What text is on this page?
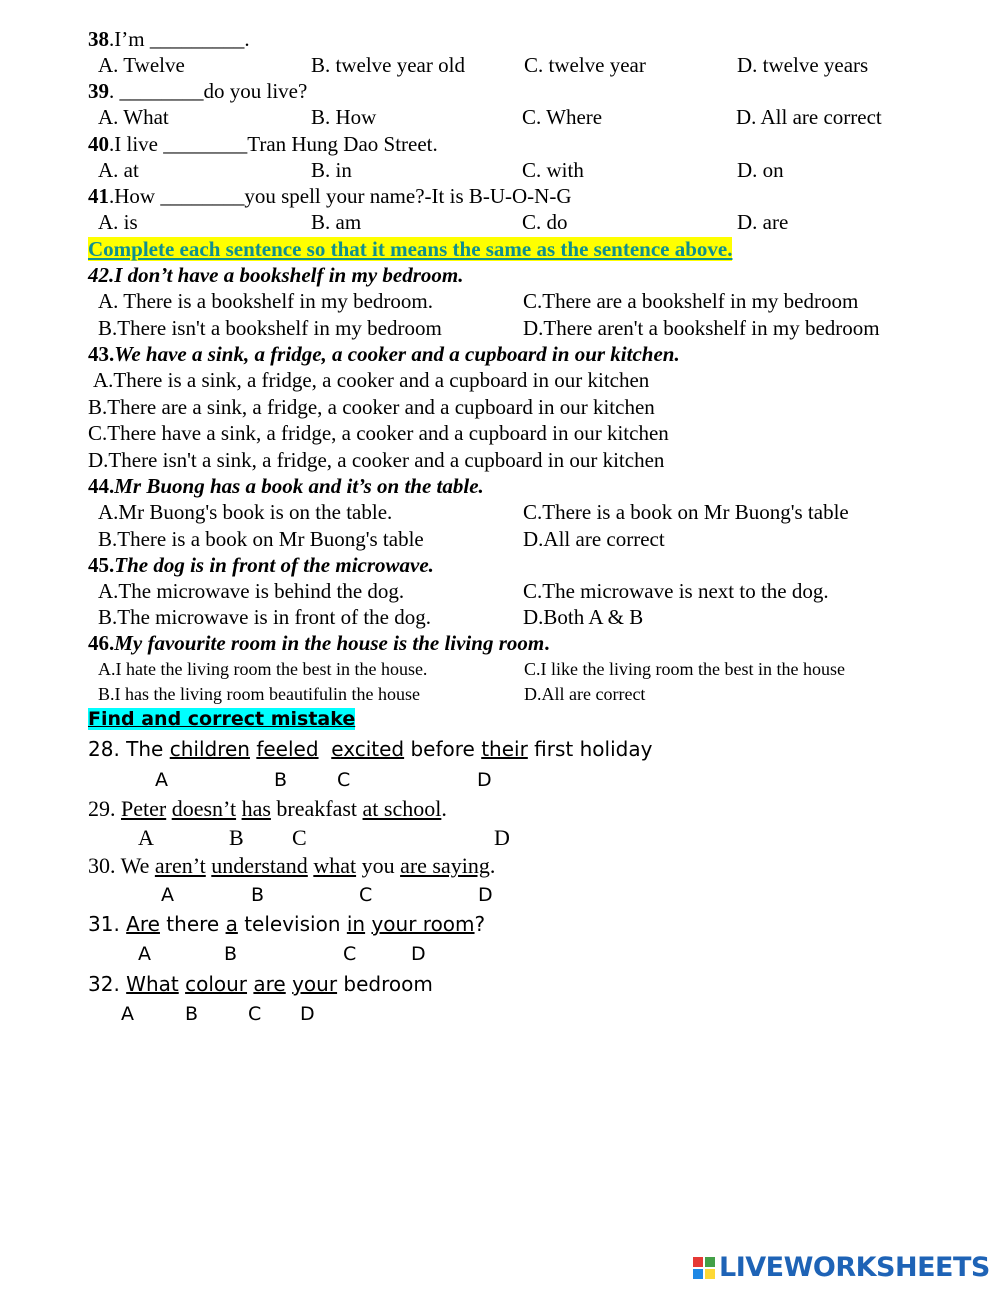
38.I’m _________.
A. Twelve	B. twelve year old	C. twelve year	D. twelve years
39. ________do you live?
A. What	B. How	C. Where	D. All are correct
40.I live ________Tran Hung Dao Street.
A. at	B. in	C. with	D. on
41.How ________you spell your name?-It is B-U-O-N-G
A. is	B. am	C. do	D. are
Complete each sentence so that it means the same as the sentence above.
42.I don’t have a bookshelf in my bedroom.
A. There is a bookshelf in my bedroom.	C.There are a bookshelf in my bedroom
B.There isn't a bookshelf in my bedroom	D.There aren't a bookshelf in my bedroom
43.We have a sink, a fridge, a cooker and a cupboard in our kitchen.
A.There is a sink, a fridge, a cooker and a cupboard in our kitchen
B.There are a sink, a fridge, a cooker and a cupboard in our kitchen
C.There have a sink, a fridge, a cooker and a cupboard in our kitchen
D.There isn't a sink, a fridge, a cooker and a cupboard in our kitchen
44.Mr Buong has a book and it’s on the table.
A.Mr Buong's book is on the table.	C.There is a book on Mr Buong's table
B.There is a book on Mr Buong's table	D.All are correct
45.The dog is in front of the microwave.
A.The microwave is behind the dog.	C.The microwave is next to the dog.
B.The microwave is in front of the dog.	D.Both A & B
46.My favourite room in the house is the living room.
A.I hate the living room the best in the house.	C.I like the living room the best in the house
B.I has the living room beautifulin the house	D.All are correct
Find and correct mistake
28. The children feeled excited before their first holiday
A	B	C	D
29. Peter doesn’t has breakfast at school.
A	B C	D
30. We aren’t understand what you are saying.
A	B	C	D
31. Are there a television in your room?
A	B	C	D
32. What colour are your bedroom
A	B	C D
LIVEWORKSHEETS
